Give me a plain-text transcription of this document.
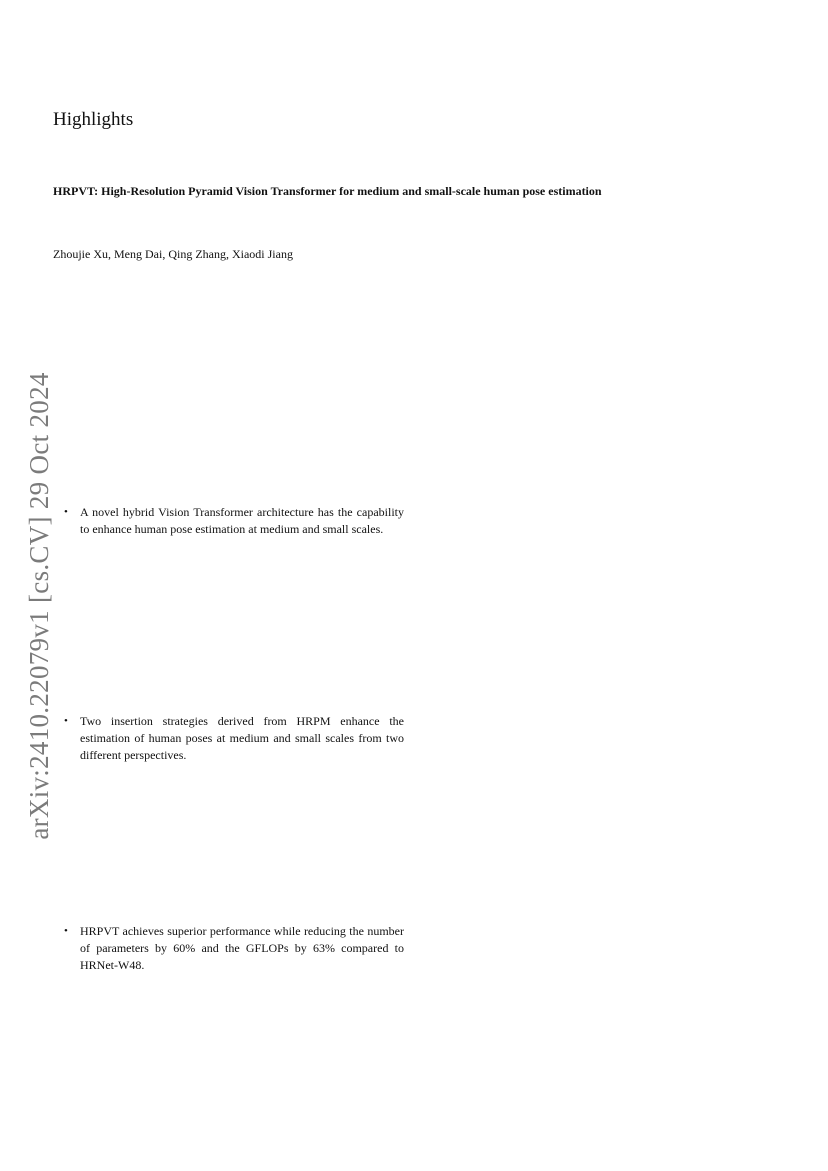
arXiv:2410.22079v1 [cs.CV] 29 Oct 2024
Highlights
HRPVT: High-Resolution Pyramid Vision Transformer for medium and small-scale human pose estimation
Zhoujie Xu, Meng Dai, Qing Zhang, Xiaodi Jiang
•	A novel hybrid Vision Transformer architecture has the capability to enhance human pose estimation at medium and small scales.
•	Two insertion strategies derived from HRPM enhance the estimation of human poses at medium and small scales from two different perspectives.
•	HRPVT achieves superior performance while reducing the number of parameters by 60% and the GFLOPs by 63% compared to HRNet-W48.
